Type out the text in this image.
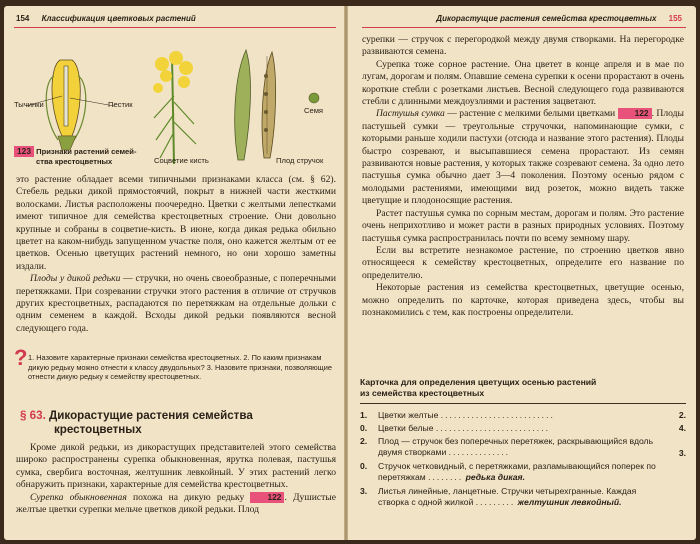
154 Классификация цветковых растений
Тычинки	Пестик
Соцветие кисть	Плод стручок
Семя
123 Признаки растений семей-
ства крестоцветных

это растение обладает всеми типичными признаками класса (см. § 62). Стебель редьки дикой прямостоячий, покрыт в нижней части жесткими волосками. Листья расположены поочередно. Цветки с желтыми лепестками имеют типичное для семейства крестоцветных строение. Они довольно крупные и собраны в соцветие-кисть. В июне, когда дикая редька обильно цветет на каком-нибудь запущенном участке поля, оно кажется желтым от ее цветков. Осенью цветущих растений немного, но они хорошо заметны издали.

Плоды у дикой редьки — стручки, но очень своеобразные, с поперечными перетяжками. При созревании стручки этого растения в отличие от стручков других крестоцветных, распадаются по перетяжкам на отдельные дольки с одним семенем в каждой. Всходы дикой редьки появляются весной следующего года.

? 1. Назовите характерные признаки семейства крестоцветных. 2. По каким признакам дикую редьку можно отнести к классу двудольных? 3. Назовите признаки, позволяющие отнести дикую редьку к семейству крестоцветных.
§ 63. Дикорастущие растения семейства
крестоцветных

Кроме дикой редьки, из дикорастущих представителей этого семейства широко распространены сурепка обыкновенная, ярутка полевая, пастушья сумка, свербига восточная, желтушник левкойный. У этих растений легко обнаружить признаки, характерные для семейства крестоцветных.

Сурепка обыкновенная похожа на дикую редьку 122 . Душистые желтые цветки сурепки мельче цветков дикой редьки. Плод

Дикорастущие растения семейства крестоцветных 155

сурепки — стручок с перегородкой между двумя створками. На перегородке развиваются семена.

Сурепка тоже сорное растение. Она цветет в конце апреля и в мае по лугам, дорогам и полям. Опавшие семена сурепки к осени прорастают в очень короткие стебли с розетками листьев. Весной следующего года развиваются стебли с длинными междоузлиями и растения зацветают.

Пастушья сумка — растение с мелкими белыми цветками 122 . Плоды пастушьей сумки — треугольные стручочки, напоминающие сумки, с которыми раньше ходили пастухи (отсюда и название этого растения). Плоды быстро созревают, и высыпавшиеся семена прорастают. Из семян развиваются новые растения, у которых также созревают семена. За одно лето пастушья сумка обычно дает 3—4 поколения. Поэтому осенью рядом с молодыми растениями, имеющими вид розеток, можно видеть также цветущие и плодоносящие растения.

Растет пастушья сумка по сорным местам, дорогам и полям. Это растение очень неприхотливо и может расти в разных природных условиях. Поэтому пастушья сумка распространилась почти по всему земному шару.

Если вы встретите незнакомое растение, по строению цветков явно относящееся к семейству крестоцветных, определите его название по определителю.

Некоторые растения из семейства крестоцветных, цветущие осенью, можно определить по карточке, которая приведена здесь, чтобы вы познакомились с тем, как построены определители.

Карточка для определения цветущих осенью растений
из семейства крестоцветных
1.	Цветки желтые ..........................	2.
0.	Цветки белые ..........................	4.
2.	Плод — стручок без поперечных перетяжек, раскрывающийся вдоль двумя створками ..............	3.
0.	Стручок четковидный, с перетяжками, разламывающийся поперек по перетяжкам ........ редька дикая.
3.	Листья линейные, ланцетные. Стручки четырехгранные. Каждая створка с одной жилкой ......... желтушник левкойный.
